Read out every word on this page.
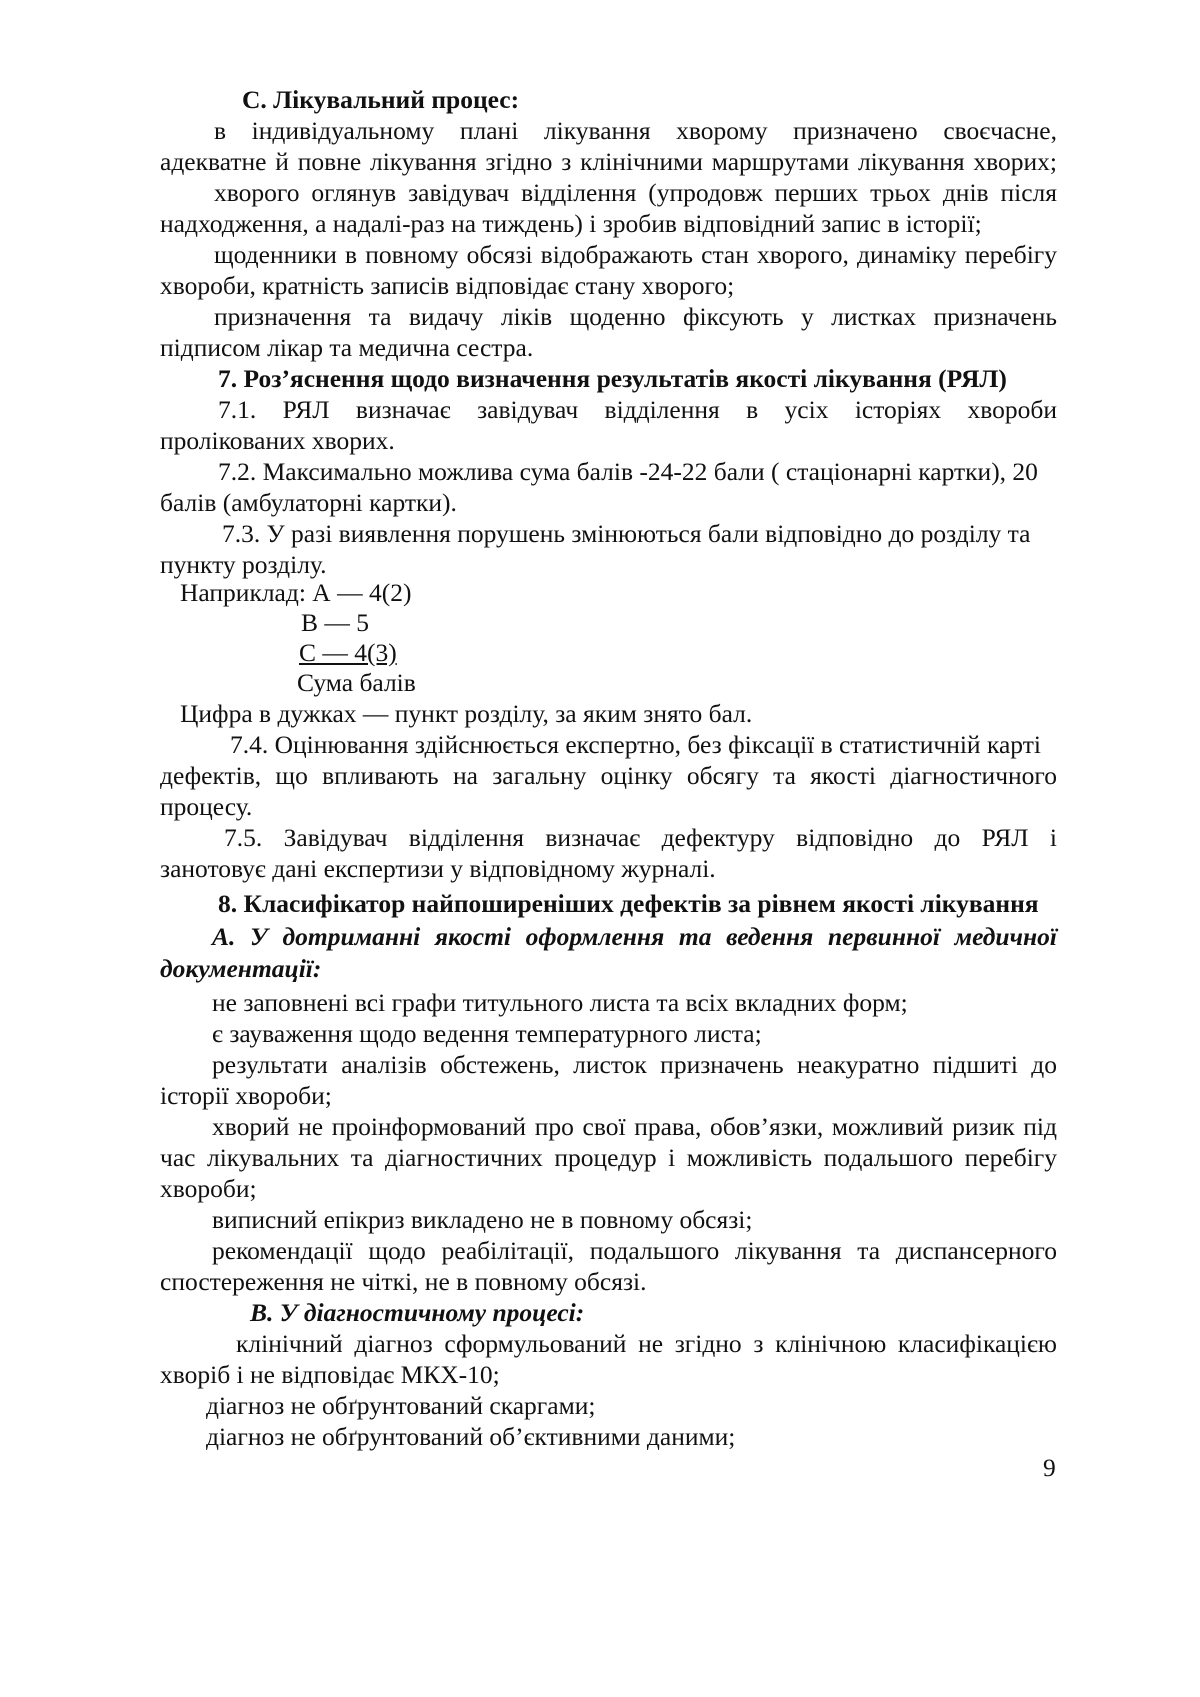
С. Лікувальний процес:
в індивідуальному плані лікування хворому призначено своєчасне,
адекватне й повне лікування згідно з клінічними маршрутами лікування хворих;
хворого оглянув завідувач відділення (упродовж перших трьох днів після
надходження, а надалі-раз на тиждень) і зробив відповідний запис в історії;
щоденники в повному обсязі відображають стан хворого, динаміку перебігу
хвороби, кратність записів відповідає стану хворого;
призначення та видачу ліків щоденно фіксують у листках призначень
підписом лікар та медична сестра.
7. Роз’яснення щодо визначення результатів якості лікування (РЯЛ)
7.1. РЯЛ визначає завідувач відділення в усіх історіях хвороби
пролікованих хворих.
7.2. Максимально можлива сума балів -24-22 бали ( стаціонарні картки), 20
балів (амбулаторні картки).
7.3. У разі виявлення порушень змінюються бали відповідно до розділу та
пункту розділу.
Наприклад: А — 4(2)
В — 5
С — 4(3)
Сума балів
Цифра в дужках — пункт розділу, за яким знято бал.
7.4. Оцінювання здійснюється експертно, без фіксації в статистичній карті
дефектів, що впливають на загальну оцінку обсягу та якості діагностичного
процесу.
7.5. Завідувач відділення визначає дефектуру відповідно до РЯЛ і
занотовує дані експертизи у відповідному журналі.
8. Класифікатор найпоширеніших дефектів за рівнем якості лікування
А. У дотриманні якості оформлення та ведення первинної медичної
документації:
не заповнені всі графи титульного листа та всіх вкладних форм;
є зауваження щодо ведення температурного листа;
результати аналізів обстежень, листок призначень неакуратно підшиті до
історії хвороби;
хворий не проінформований про свої права, обов’язки, можливий ризик під
час лікувальних та діагностичних процедур і можливість подальшого перебігу
хвороби;
виписний епікриз викладено не в повному обсязі;
рекомендації щодо реабілітації, подальшого лікування та диспансерного
спостереження не чіткі, не в повному обсязі.
В. У діагностичному процесі:
клінічний діагноз сформульований не згідно з клінічною класифікацією
хворіб і не відповідає МКХ-10;
діагноз не обґрунтований скаргами;
діагноз не обґрунтований об’єктивними даними;
9
